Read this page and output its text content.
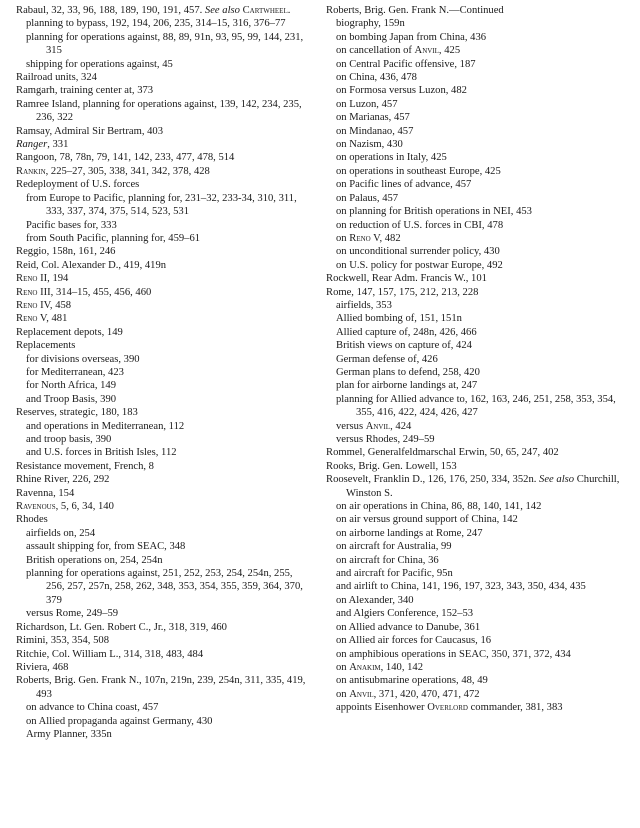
Rabaul, 32, 33, 96, 188, 189, 190, 191, 457. See also Cartwheel.
planning to bypass, 192, 194, 206, 235, 314–15, 316, 376–77
planning for operations against, 88, 89, 91n, 93, 95, 99, 144, 231, 315
shipping for operations against, 45
Railroad units, 324
Ramgarh, training center at, 373
Ramree Island, planning for operations against, 139, 142, 234, 235, 236, 322
Ramsay, Admiral Sir Bertram, 403
Ranger, 331
Rangoon, 78, 78n, 79, 141, 142, 233, 477, 478, 514
Rankin, 225–27, 305, 338, 341, 342, 378, 428
Redeployment of U.S. forces
from Europe to Pacific, planning for, 231–32, 233-34, 310, 311, 333, 337, 374, 375, 514, 523, 531
Pacific bases for, 333
from South Pacific, planning for, 459–61
Reggio, 158n, 161, 246
Reid, Col. Alexander D., 419, 419n
Reno II, 194
Reno III, 314–15, 455, 456, 460
Reno IV, 458
Reno V, 481
Replacement depots, 149
Replacements
for divisions overseas, 390
for Mediterranean, 423
for North Africa, 149
and Troop Basis, 390
Reserves, strategic, 180, 183
and operations in Mediterranean, 112
and troop basis, 390
and U.S. forces in British Isles, 112
Resistance movement, French, 8
Rhine River, 226, 292
Ravenna, 154
Ravenous, 5, 6, 34, 140
Rhodes
airfields on, 254
assault shipping for, from SEAC, 348
British operations on, 254, 254n
planning for operations against, 251, 252, 253, 254, 254n, 255, 256, 257, 257n, 258, 262, 348, 353, 354, 355, 359, 364, 370, 379
versus Rome, 249–59
Richardson, Lt. Gen. Robert C., Jr., 318, 319, 460
Rimini, 353, 354, 508
Ritchie, Col. William L., 314, 318, 483, 484
Riviera, 468
Roberts, Brig. Gen. Frank N., 107n, 219n, 239, 254n, 311, 335, 419, 493
on advance to China coast, 457
on Allied propaganda against Germany, 430
Army Planner, 335n
Roberts, Brig. Gen. Frank N.—Continued
biography, 159n
on bombing Japan from China, 436
on cancellation of Anvil, 425
on Central Pacific offensive, 187
on China, 436, 478
on Formosa versus Luzon, 482
on Luzon, 457
on Marianas, 457
on Mindanao, 457
on Nazism, 430
on operations in Italy, 425
on operations in southeast Europe, 425
on Pacific lines of advance, 457
on Palaus, 457
on planning for British operations in NEI, 453
on reduction of U.S. forces in CBI, 478
on Reno V, 482
on unconditional surrender policy, 430
on U.S. policy for postwar Europe, 492
Rockwell, Rear Adm. Francis W., 101
Rome, 147, 157, 175, 212, 213, 228
airfields, 353
Allied bombing of, 151, 151n
Allied capture of, 248n, 426, 466
British views on capture of, 424
German defense of, 426
German plans to defend, 258, 420
plan for airborne landings at, 247
planning for Allied advance to, 162, 163, 246, 251, 258, 353, 354, 355, 416, 422, 424, 426, 427
versus Anvil, 424
versus Rhodes, 249–59
Rommel, Generalfeldmarschal Erwin, 50, 65, 247, 402
Rooks, Brig. Gen. Lowell, 153
Roosevelt, Franklin D., 126, 176, 250, 334, 352n. See also Churchill, Winston S.
on air operations in China, 86, 88, 140, 141, 142
on air versus ground support of China, 142
on airborne landings at Rome, 247
on aircraft for Australia, 99
on aircraft for China, 36
and aircraft for Pacific, 95n
and airlift to China, 141, 196, 197, 323, 343, 350, 434, 435
on Alexander, 340
and Algiers Conference, 152–53
on Allied advance to Danube, 361
on Allied air forces for Caucasus, 16
on amphibious operations in SEAC, 350, 371, 372, 434
on Anakim, 140, 142
on antisubmarine operations, 48, 49
on Anvil, 371, 420, 470, 471, 472
appoints Eisenhower Overlord commander, 381, 383
